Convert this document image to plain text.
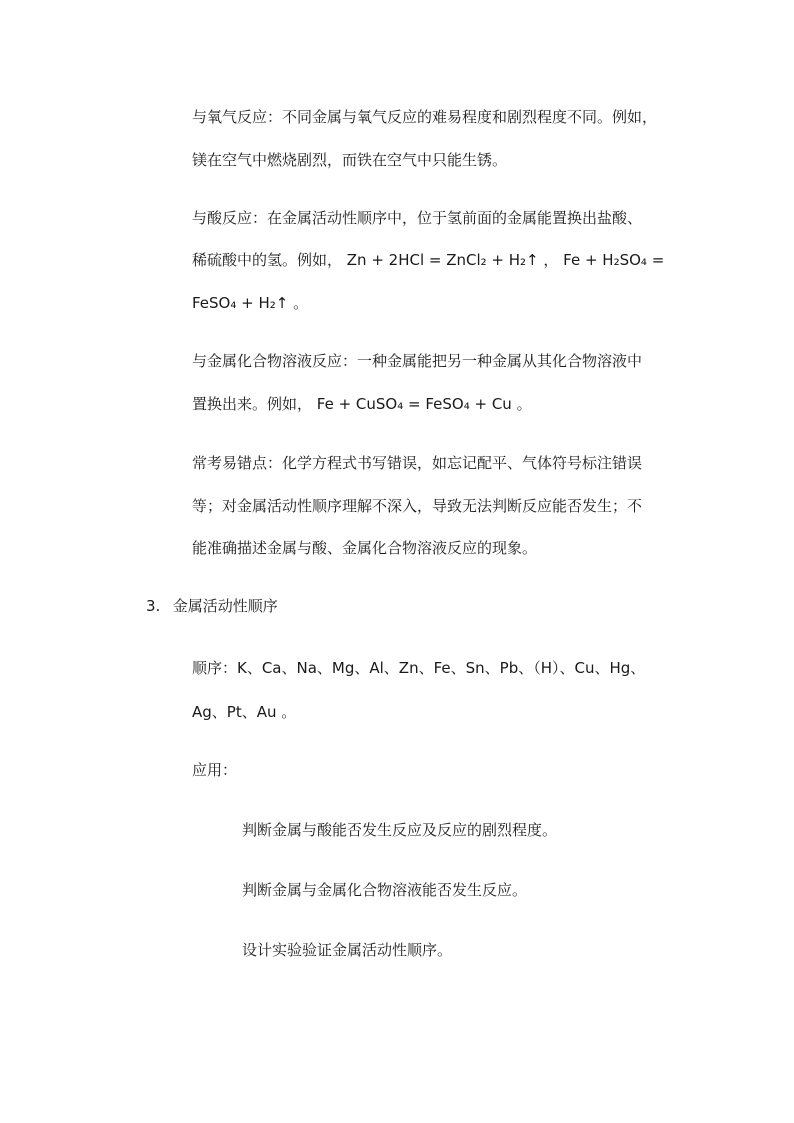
与氧气反应：不同金属与氧气反应的难易程度和剧烈程度不同。例如，
镁在空气中燃烧剧烈，而铁在空气中只能生锈。
与酸反应：在金属活动性顺序中，位于氢前面的金属能置换出盐酸、
稀硫酸中的氢。例如， Zn + 2HCl = ZnCl₂ + H₂↑ ， Fe + H₂SO₄ =
FeSO₄ + H₂↑ 。
与金属化合物溶液反应：一种金属能把另一种金属从其化合物溶液中
置换出来。例如， Fe + CuSO₄ = FeSO₄ + Cu 。
常考易错点：化学方程式书写错误，如忘记配平、气体符号标注错误
等；对金属活动性顺序理解不深入，导致无法判断反应能否发生；不
能准确描述金属与酸、金属化合物溶液反应的现象。
3. 金属活动性顺序
顺序：K、Ca、Na、Mg、Al、Zn、Fe、Sn、Pb、（H）、Cu、Hg、
Ag、Pt、Au 。
应用：
判断金属与酸能否发生反应及反应的剧烈程度。
判断金属与金属化合物溶液能否发生反应。
设计实验验证金属活动性顺序。
